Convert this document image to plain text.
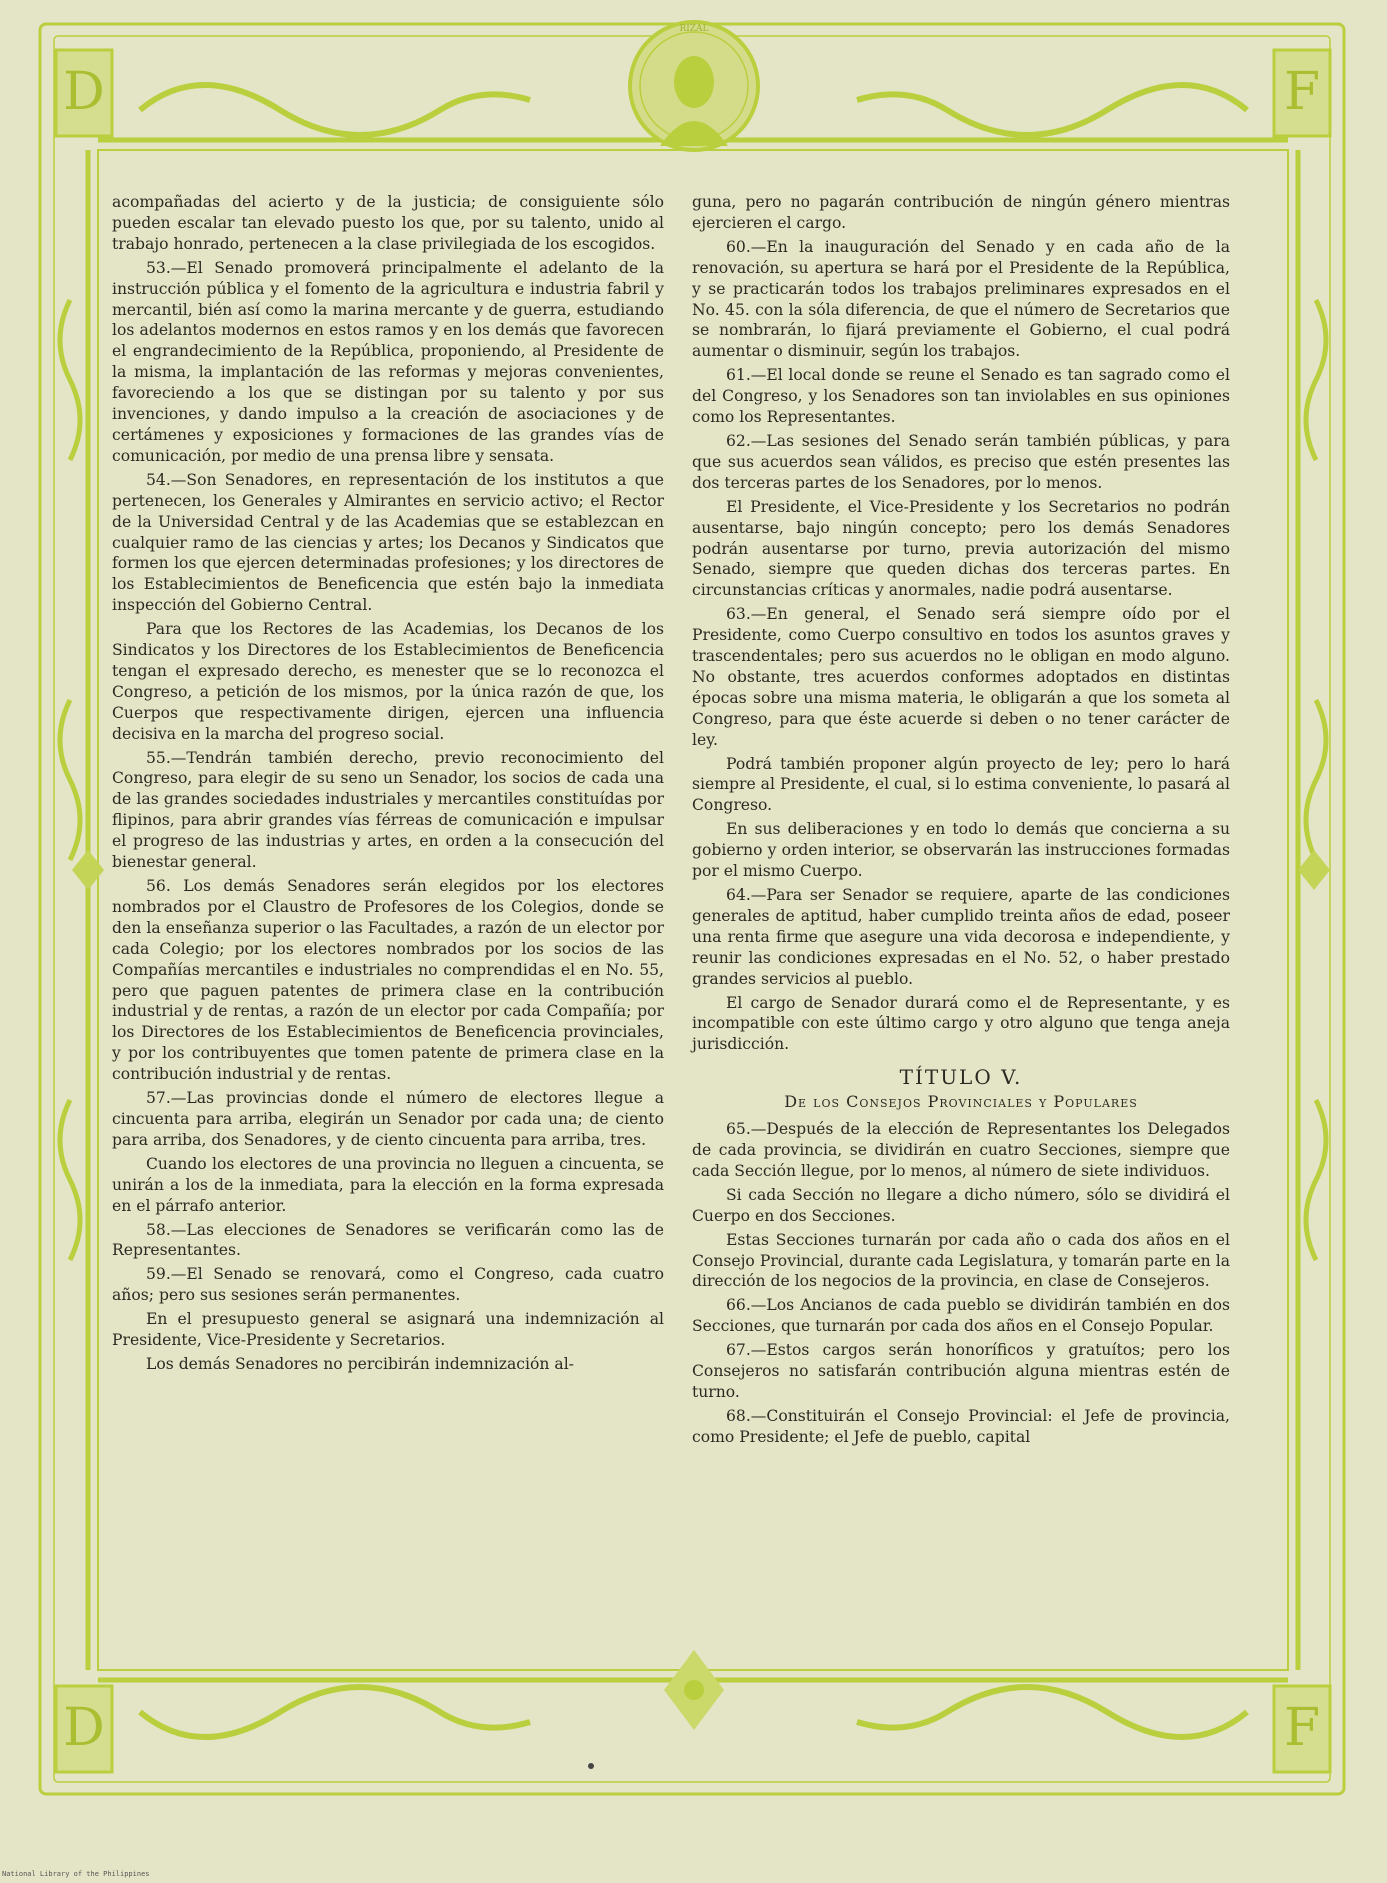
RIZAL
D	F
D	F

acompañadas del acierto y de la justicia; de consiguiente sólo pueden escalar tan elevado puesto los que, por su talento, unido al trabajo honrado, pertenecen a la clase privilegiada de los escogidos.

53.—El Senado promoverá principalmente el adelanto de la instrucción pública y el fomento de la agricultura e industria fabril y mercantil, bién así como la marina mercante y de guerra, estudiando los adelantos modernos en estos ramos y en los demás que favorecen el engrandecimiento de la República, proponiendo, al Presidente de la misma, la implantación de las reformas y mejoras convenientes, favoreciendo a los que se distingan por su talento y por sus invenciones, y dando impulso a la creación de asociaciones y de certámenes y exposiciones y formaciones de las grandes vías de comunicación, por medio de una prensa libre y sensata.

54.—Son Senadores, en representación de los institutos a que pertenecen, los Generales y Almirantes en servicio activo; el Rector de la Universidad Central y de las Academias que se establezcan en cualquier ramo de las ciencias y artes; los Decanos y Sindicatos que formen los que ejercen determinadas profesiones; y los directores de los Establecimientos de Beneficencia que estén bajo la inmediata inspección del Gobierno Central.

Para que los Rectores de las Academias, los Decanos de los Sindicatos y los Directores de los Establecimientos de Beneficencia tengan el expresado derecho, es menester que se lo reconozca el Congreso, a petición de los mismos, por la única razón de que, los Cuerpos que respectivamente dirigen, ejercen una influencia decisiva en la marcha del progreso social.

55.—Tendrán también derecho, previo reconocimiento del Congreso, para elegir de su seno un Senador, los socios de cada una de las grandes sociedades industriales y mercantiles constituídas por flipinos, para abrir grandes vías férreas de comunicación e impulsar el progreso de las industrias y artes, en orden a la consecución del bienestar general.

56. Los demás Senadores serán elegidos por los electores nombrados por el Claustro de Profesores de los Colegios, donde se den la enseñanza superior o las Facultades, a razón de un elector por cada Colegio; por los electores nombrados por los socios de las Compañías mercantiles e industriales no comprendidas el en No. 55, pero que paguen patentes de primera clase en la contribución industrial y de rentas, a razón de un elector por cada Compañía; por los Directores de los Establecimientos de Beneficencia provinciales, y por los contribuyentes que tomen patente de primera clase en la contribución industrial y de rentas.

57.—Las provincias donde el número de electores llegue a cincuenta para arriba, elegirán un Senador por cada una; de ciento para arriba, dos Senadores, y de ciento cincuenta para arriba, tres.

Cuando los electores de una provincia no lleguen a cincuenta, se unirán a los de la inmediata, para la elección en la forma expresada en el párrafo anterior.

58.—Las elecciones de Senadores se verificarán como las de Representantes.

59.—El Senado se renovará, como el Congreso, cada cuatro años; pero sus sesiones serán permanentes.

En el presupuesto general se asignará una indemnización al Presidente, Vice-Presidente y Secretarios.

Los demás Senadores no percibirán indemnización al-

guna, pero no pagarán contribución de ningún género mientras ejercieren el cargo.

60.—En la inauguración del Senado y en cada año de la renovación, su apertura se hará por el Presidente de la República, y se practicarán todos los trabajos preliminares expresados en el No. 45. con la sóla diferencia, de que el número de Secretarios que se nombrarán, lo fijará previamente el Gobierno, el cual podrá aumentar o disminuir, según los trabajos.

61.—El local donde se reune el Senado es tan sagrado como el del Congreso, y los Senadores son tan inviolables en sus opiniones como los Representantes.

62.—Las sesiones del Senado serán también públicas, y para que sus acuerdos sean válidos, es preciso que estén presentes las dos terceras partes de los Senadores, por lo menos.

El Presidente, el Vice-Presidente y los Secretarios no podrán ausentarse, bajo ningún concepto; pero los demás Senadores podrán ausentarse por turno, previa autorización del mismo Senado, siempre que queden dichas dos terceras partes. En circunstancias críticas y anormales, nadie podrá ausentarse.

63.—En general, el Senado será siempre oído por el Presidente, como Cuerpo consultivo en todos los asuntos graves y trascendentales; pero sus acuerdos no le obligan en modo alguno. No obstante, tres acuerdos conformes adoptados en distintas épocas sobre una misma materia, le obligarán a que los someta al Congreso, para que éste acuerde si deben o no tener carácter de ley.

Podrá también proponer algún proyecto de ley; pero lo hará siempre al Presidente, el cual, si lo estima conveniente, lo pasará al Congreso.

En sus deliberaciones y en todo lo demás que concierna a su gobierno y orden interior, se observarán las instrucciones formadas por el mismo Cuerpo.

64.—Para ser Senador se requiere, aparte de las condiciones generales de aptitud, haber cumplido treinta años de edad, poseer una renta firme que asegure una vida decorosa e independiente, y reunir las condiciones expresadas en el No. 52, o haber prestado grandes servicios al pueblo.

El cargo de Senador durará como el de Representante, y es incompatible con este último cargo y otro alguno que tenga aneja jurisdicción.

TÍTULO V.
De los Consejos Provinciales y Populares

65.—Después de la elección de Representantes los Delegados de cada provincia, se dividirán en cuatro Secciones, siempre que cada Sección llegue, por lo menos, al número de siete individuos.

Si cada Sección no llegare a dicho número, sólo se dividirá el Cuerpo en dos Secciones.

Estas Secciones turnarán por cada año o cada dos años en el Consejo Provincial, durante cada Legislatura, y tomarán parte en la dirección de los negocios de la provincia, en clase de Consejeros.

66.—Los Ancianos de cada pueblo se dividirán también en dos Secciones, que turnarán por cada dos años en el Consejo Popular.

67.—Estos cargos serán honoríficos y gratuítos; pero los Consejeros no satisfarán contribución alguna mientras estén de turno.

68.—Constituirán el Consejo Provincial: el Jefe de provincia, como Presidente; el Jefe de pueblo, capital

National Library of the Philippines
